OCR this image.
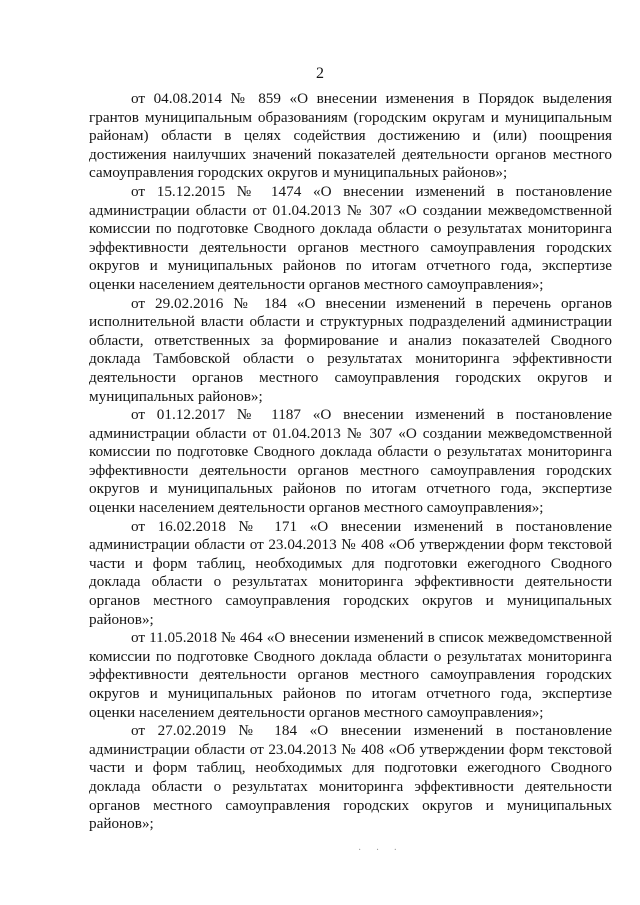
2

от 04.08.2014 № 859 «О внесении изменения в Порядок выделения грантов муниципальным образованиям (городским округам и муниципальным районам) области в целях содействия достижению и (или) поощрения достижения наилучших значений показателей деятельности органов местного самоуправления городских округов и муниципальных районов»;

от 15.12.2015 № 1474 «О внесении изменений в постановление администрации области от 01.04.2013 № 307 «О создании межведомственной комиссии по подготовке Сводного доклада области о результатах мониторинга эффективности деятельности органов местного самоуправления городских округов и муниципальных районов по итогам отчетного года, экспертизе оценки населением деятельности органов местного самоуправления»;

от 29.02.2016 № 184 «О внесении изменений в перечень органов исполнительной власти области и структурных подразделений администрации области, ответственных за формирование и анализ показателей Сводного доклада Тамбовской области о результатах мониторинга эффективности деятельности органов местного самоуправления городских округов и муниципальных районов»;

от 01.12.2017 № 1187 «О внесении изменений в постановление администрации области от 01.04.2013 № 307 «О создании межведомственной комиссии по подготовке Сводного доклада области о результатах мониторинга эффективности деятельности органов местного самоуправления городских округов и муниципальных районов по итогам отчетного года, экспертизе оценки населением деятельности органов местного самоуправления»;

от 16.02.2018 № 171 «О внесении изменений в постановление администрации области от 23.04.2013 № 408 «Об утверждении форм текстовой части и форм таблиц, необходимых для подготовки ежегодного Сводного доклада области о результатах мониторинга эффективности деятельности органов местного самоуправления городских округов и муниципальных районов»;

от 11.05.2018 № 464 «О внесении изменений в список межведомственной комиссии по подготовке Сводного доклада области о результатах мониторинга эффективности деятельности органов местного самоуправления городских округов и муниципальных районов по итогам отчетного года, экспертизе оценки населением деятельности органов местного самоуправления»;

от 27.02.2019 № 184 «О внесении изменений в постановление администрации области от 23.04.2013 № 408 «Об утверждении форм текстовой части и форм таблиц, необходимых для подготовки ежегодного Сводного доклада области о результатах мониторинга эффективности деятельности органов местного самоуправления городских округов и муниципальных районов»;

· · ·
